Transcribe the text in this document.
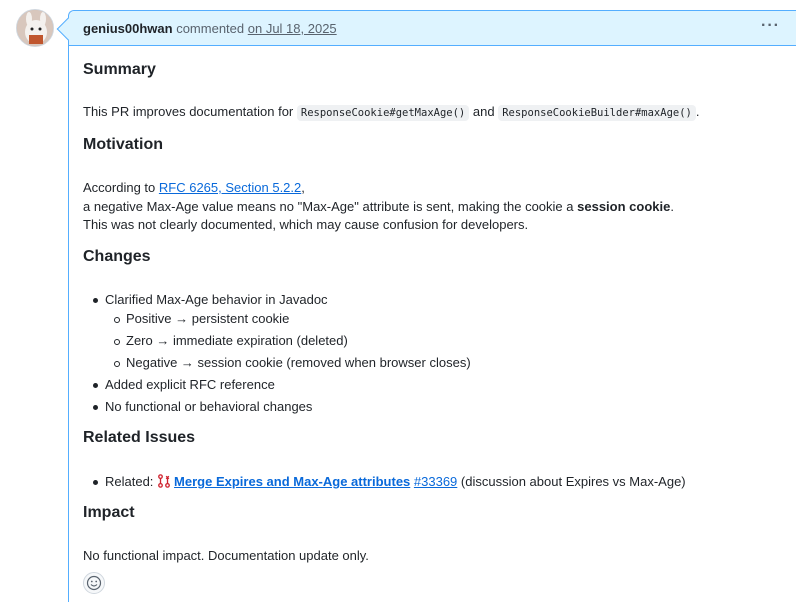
genius00hwan commented on Jul 18, 2025	···
Summary

This PR improves documentation for ResponseCookie#getMaxAge() and ResponseCookieBuilder#maxAge() .

Motivation

According to RFC 6265, Section 5.2.2,

a negative Max-Age value means no "Max-Age" attribute is sent, making the cookie a session cookie.

This was not clearly documented, which may cause confusion for developers.

Changes
Clarified Max-Age behavior in Javadoc
Positive → persistent cookie
Zero → immediate expiration (deleted)
Negative → session cookie (removed when browser closes)
Added explicit RFC reference
No functional or behavioral changes
Related Issues
Related: Merge Expires and Max-Age attributes #33369 (discussion about Expires vs Max-Age)
Impact

No functional impact. Documentation update only.
